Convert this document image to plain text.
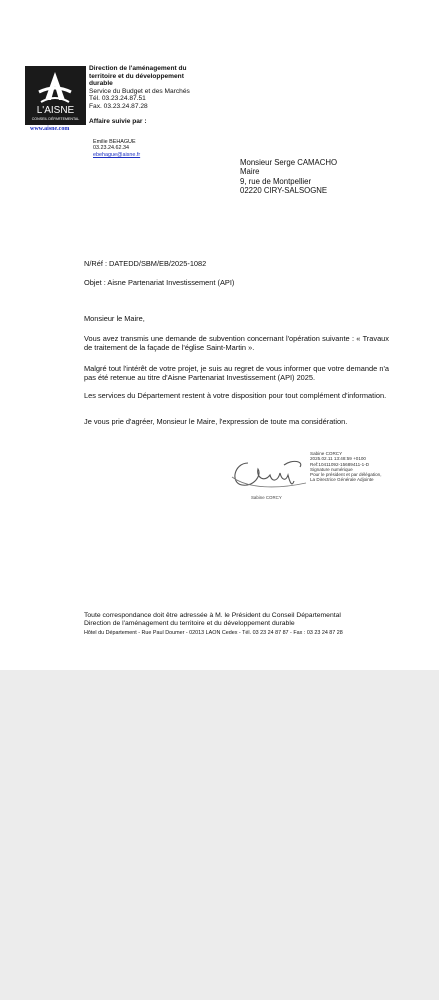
L'AISNE
CONSEIL DÉPARTEMENTAL
www.aisne.com
Direction de l'aménagement du
territoire et du développement
durable
Service du Budget et des Marchés
Tél. 03.23.24.87.51
Fax. 03.23.24.87.28
Affaire suivie par :
Emilie BEHAGUE
03.23.24.62.34
ebehague@aisne.fr
Monsieur Serge CAMACHO
Maire
9, rue de Montpellier
02220 CIRY-SALSOGNE
N/Réf : DATEDD/SBM/EB/2025-1082
Objet : Aisne Partenariat Investissement (API)
Monsieur le Maire,
Vous avez transmis une demande de subvention concernant l'opération suivante : « Travaux de traitement de la façade de l'église Saint-Martin ».
Malgré tout l'intérêt de votre projet, je suis au regret de vous informer que votre demande n'a pas été retenue au titre d'Aisne Partenariat Investissement (API) 2025.
Les services du Département restent à votre disposition pour tout complément d'information.
Je vous prie d'agréer, Monsieur le Maire, l'expression de toute ma considération.
Sabine CORCY
2025.02.11 13:48:59 +0100
Ref:10411092-15689411-1-D
Signature numérique
Pour le président et par délégation,
La Directrice Générale Adjointe
Sabine CORCY
Toute correspondance doit être adressée à M. le Président du Conseil Départemental
Direction de l'aménagement du territoire et du développement durable
Hôtel du Département - Rue Paul Doumer - 02013 LAON Cedex - Tél. 03 23 24 87 87 - Fax : 03 23 24 87 28
